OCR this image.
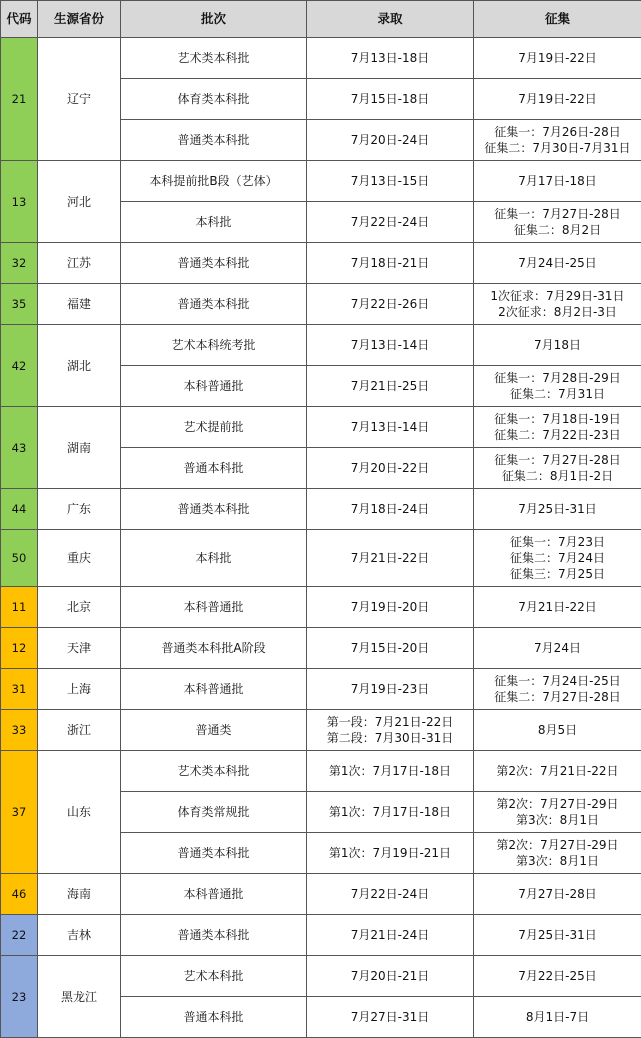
代码	生源省份	批次	录取	征集
21	辽宁	艺术类本科批	7月13日-18日	7月19日-22日

		体育类本科批	7月15日-18日	7月19日-22日

		普通类本科批	7月20日-24日	征集一：7月26日-28日
征集二：7月30日-7月31日

13	河北	本科提前批B段（艺体）	7月13日-15日	7月17日-18日

		本科批	7月22日-24日	征集一：7月27日-28日
征集二：8月2日

32	江苏	普通类本科批	7月18日-21日	7月24日-25日

35	福建	普通类本科批	7月22日-26日	1次征求：7月29日-31日
2次征求：8月2日-3日

42	湖北	艺术本科统考批	7月13日-14日	7月18日

		本科普通批	7月21日-25日	征集一：7月28日-29日
征集二：7月31日

43	湖南	艺术提前批	7月13日-14日	征集一：7月18日-19日
征集二：7月22日-23日

		普通本科批	7月20日-22日	征集一：7月27日-28日
征集二：8月1日-2日

44	广东	普通类本科批	7月18日-24日	7月25日-31日

50	重庆	本科批	7月21日-22日	征集一：7月23日
征集二：7月24日
征集三：7月25日

11	北京	本科普通批	7月19日-20日	7月21日-22日

12	天津	普通类本科批A阶段	7月15日-20日	7月24日

31	上海	本科普通批	7月19日-23日	征集一：7月24日-25日
征集二：7月27日-28日

33	浙江	普通类	第一段：7月21日-22日
第二段：7月30日-31日	8月5日

37	山东	艺术类本科批	第1次：7月17日-18日	第2次：7月21日-22日

		体育类常规批	第1次：7月17日-18日	第2次：7月27日-29日
第3次：8月1日

		普通类本科批	第1次：7月19日-21日	第2次：7月27日-29日
第3次：8月1日

46	海南	本科普通批	7月22日-24日	7月27日-28日

22	吉林	普通类本科批	7月21日-24日	7月25日-31日

23	黑龙江	艺术本科批	7月20日-21日	7月22日-25日

		普通本科批	7月27日-31日	8月1日-7日
